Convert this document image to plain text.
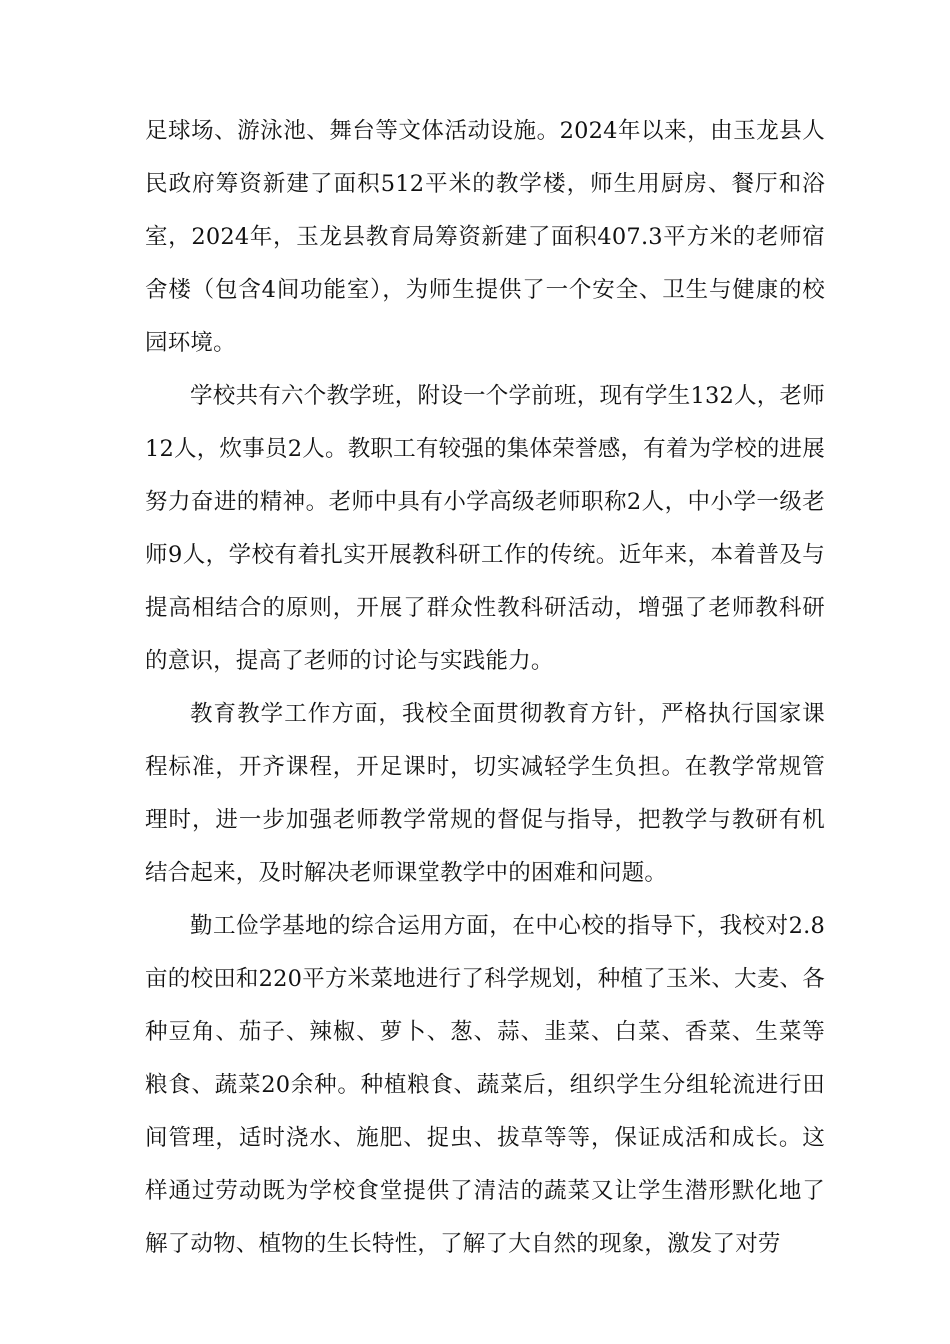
足球场、游泳池、舞台等文体活动设施。2024年以来，由玉龙县人民政府筹资新建了面积512平米的教学楼，师生用厨房、餐厅和浴室，2024年，玉龙县教育局筹资新建了面积407.3平方米的老师宿舍楼（包含4间功能室），为师生提供了一个安全、卫生与健康的校园环境。

学校共有六个教学班，附设一个学前班，现有学生132人，老师12人，炊事员2人。教职工有较强的集体荣誉感，有着为学校的进展努力奋进的精神。老师中具有小学高级老师职称2人，中小学一级老师9人，学校有着扎实开展教科研工作的传统。近年来，本着普及与提高相结合的原则，开展了群众性教科研活动，增强了老师教科研的意识，提高了老师的讨论与实践能力。

教育教学工作方面，我校全面贯彻教育方针，严格执行国家课程标准，开齐课程，开足课时，切实减轻学生负担。在教学常规管理时，进一步加强老师教学常规的督促与指导，把教学与教研有机结合起来，及时解决老师课堂教学中的困难和问题。

勤工俭学基地的综合运用方面，在中心校的指导下，我校对2.8亩的校田和220平方米菜地进行了科学规划，种植了玉米、大麦、各种豆角、茄子、辣椒、萝卜、葱、蒜、韭菜、白菜、香菜、生菜等粮食、蔬菜20余种。种植粮食、蔬菜后，组织学生分组轮流进行田间管理，适时浇水、施肥、捉虫、拔草等等，保证成活和成长。这样通过劳动既为学校食堂提供了清洁的蔬菜又让学生潜形默化地了解了动物、植物的生长特性，了解了大自然的现象，激发了对劳
